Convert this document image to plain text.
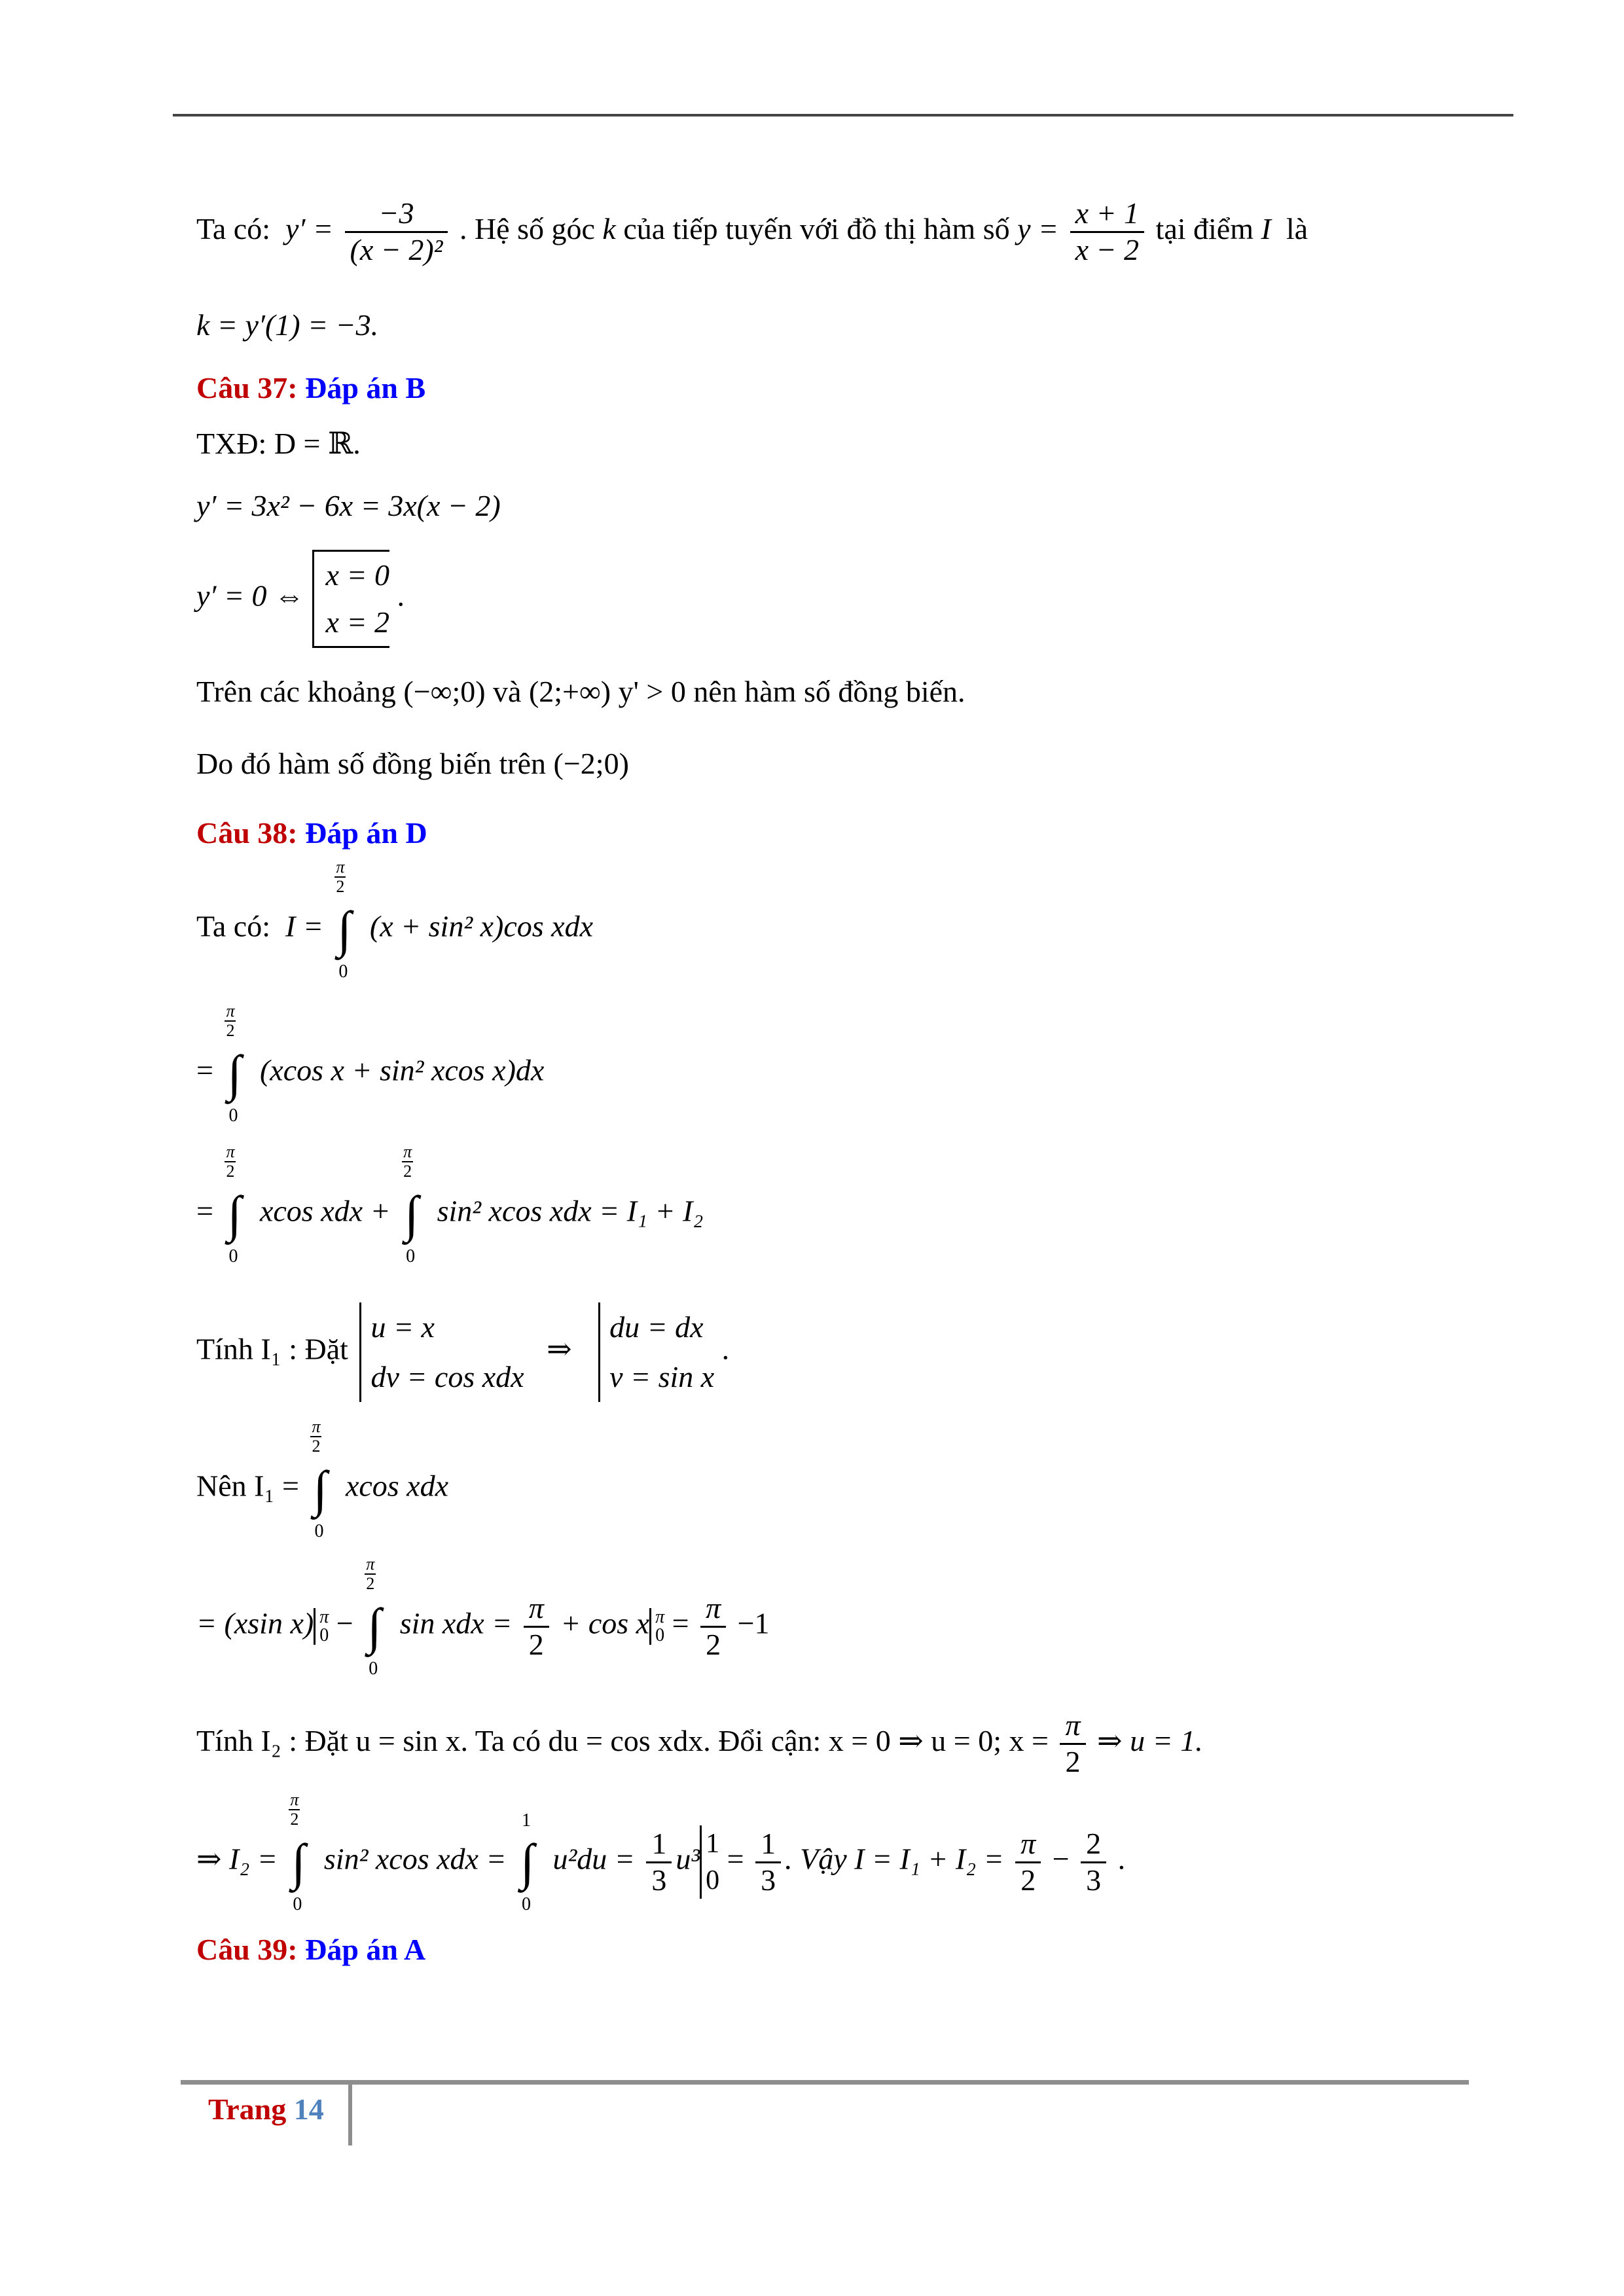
Ta có: $y' = \frac{-3}{\text{(x − 2)²}}$ . Hệ số góc k của tiếp tuyến với đồ thị hàm số $y = \frac{x + 1}{x - 2}$ tại điểm I là
k = y′(1) = −3.
Câu 37: Đáp án B
TXĐ: D = ℝ.
y′ = 3x² − 6x = 3x(x − 2)
y′ = 0 ⇔
x = 0
x = 2
.
Trên các khoảng (−∞;0) và (2;+∞) y' > 0 nên hàm số đồng biến.
Do đó hàm số đồng biến trên (−2;0)
Câu 38: Đáp án D
Ta có: I =
π
2
∫
0
(x + sin² x)cos xdx
=
π
2
∫
0
(xcos x + sin² xcos x)dx
=
π
2
∫
0
xcos xdx +
π
2
∫
0
sin² xcos xdx = I₁ + I₂
Tính I₁ : Đặt
u = x
dv = cos xdx
⇒
du = dx
v = sin x
.
Nên I₁ =
π
2
∫
0
xcos xdx
= (xsin x) π
0 −
π
2
∫
0
sin xdx = $\frac{\pi}{2} + \cos x$ π
$0 = \frac{\pi}{2} -1$
Tính I₂ : Đặt u = sin x. Ta có du = cos xdx. Đổi cận: x = 0 ⇒ u = 0; $x = \frac{\pi}{2}$ ⇒ u = 1.
⇒ I₂ =
π
2
∫
0
sin² xcos xdx =
1
∫
0
$u^2du = \frac{1}{3} u^3$ 1
0
= $\frac{1}{3}$ . Vậy $I = I_1 + I_2 = \frac{\pi}{2} - \frac{2}{3}$ .
Câu 39: Đáp án A
Trang 14
